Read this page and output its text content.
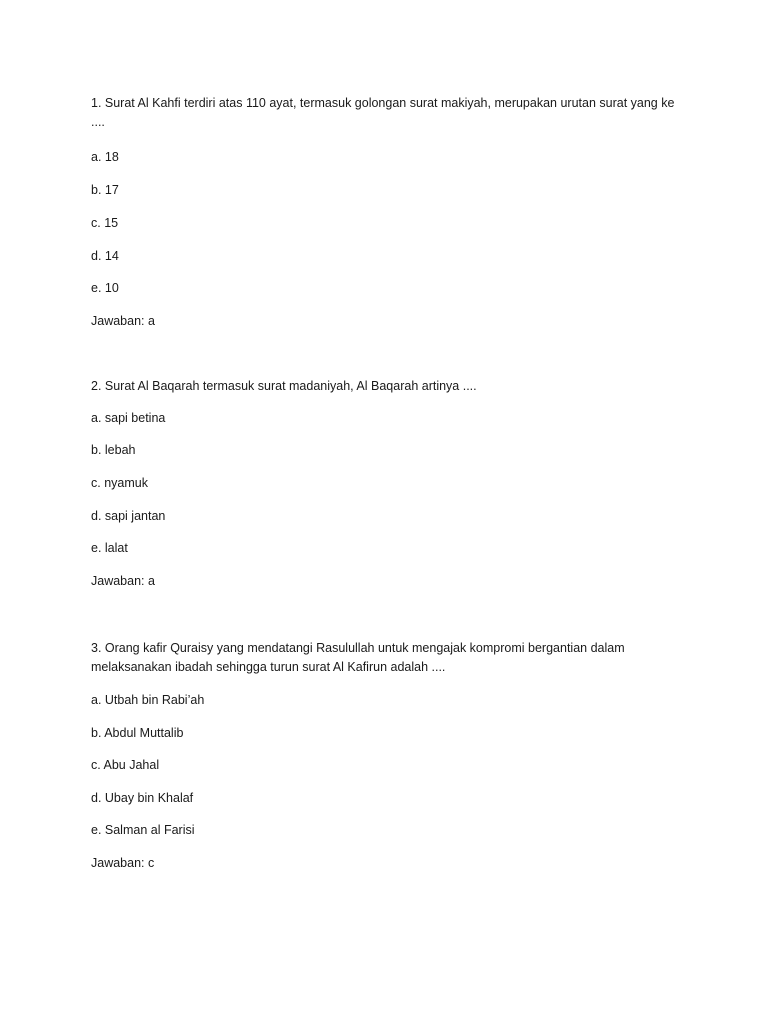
1. Surat Al Kahfi terdiri atas 110 ayat, termasuk golongan surat makiyah, merupakan urutan surat yang ke ....

a. 18

b. 17

c. 15

d. 14

e. 10

Jawaban: a

2. Surat Al Baqarah termasuk surat madaniyah, Al Baqarah artinya ....

a. sapi betina

b. lebah

c. nyamuk

d. sapi jantan

e. lalat

Jawaban: a

3. Orang kafir Quraisy yang mendatangi Rasulullah untuk mengajak kompromi bergantian dalam melaksanakan ibadah sehingga turun surat Al Kafirun adalah ....

a. Utbah bin Rabi’ah

b. Abdul Muttalib

c. Abu Jahal

d. Ubay bin Khalaf

e. Salman al Farisi

Jawaban: c
